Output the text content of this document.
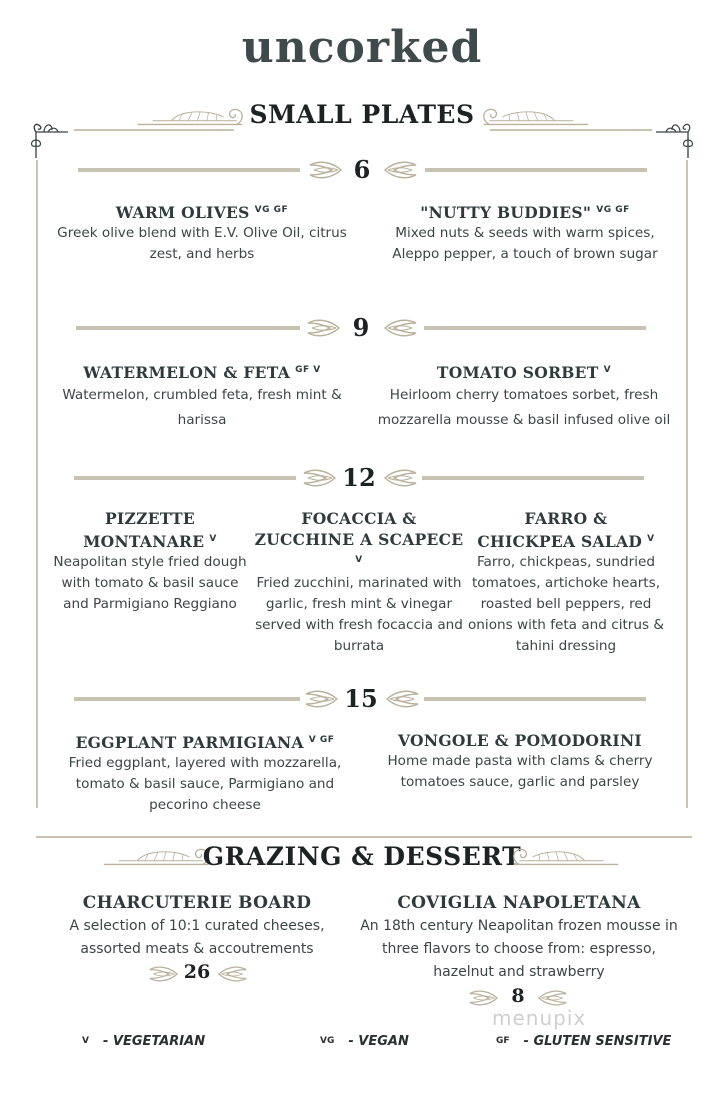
uncorked
SMALL PLATES
6
WARM OLIVES $^{VG GF}$
Greek olive blend with E.V. Olive Oil, citrus zest, and herbs
"NUTTY BUDDIES" $^{VG GF}$
Mixed nuts & seeds with warm spices, Aleppo pepper, a touch of brown sugar
9
WATERMELON & FETA $^{GF V}$
Watermelon, crumbled feta, fresh mint & harissa
TOMATO SORBET $^V$
Heirloom cherry tomatoes sorbet, fresh mozzarella mousse & basil infused olive oil
12
PIZZETTE MONTANARE $^V$
Neapolitan style fried dough with tomato & basil sauce and Parmigiano Reggiano
FOCACCIA & ZUCCHINE A SCAPECE
$^V$
Fried zucchini, marinated with garlic, fresh mint & vinegar served with fresh focaccia and burrata
FARRO & CHICKPEA SALAD $^V$
Farro, chickpeas, sundried tomatoes, artichoke hearts, roasted bell peppers, red onions with feta and citrus & tahini dressing
15
EGGPLANT PARMIGIANA $^{V GF}$
Fried eggplant, layered with mozzarella, tomato & basil sauce, Parmigiano and pecorino cheese
VONGOLE & POMODORINI
Home made pasta with clams & cherry tomatoes sauce, garlic and parsley
GRAZING & DESSERT
CHARCUTERIE BOARD
A selection of 10:1 curated cheeses, assorted meats & accoutrements
26
COVIGLIA NAPOLETANA
An 18th century Neapolitan frozen mousse in three flavors to choose from: espresso, hazelnut and strawberry
8
menupix
V - VEGETARIAN	VG - VEGAN	GF - GLUTEN SENSITIVE
